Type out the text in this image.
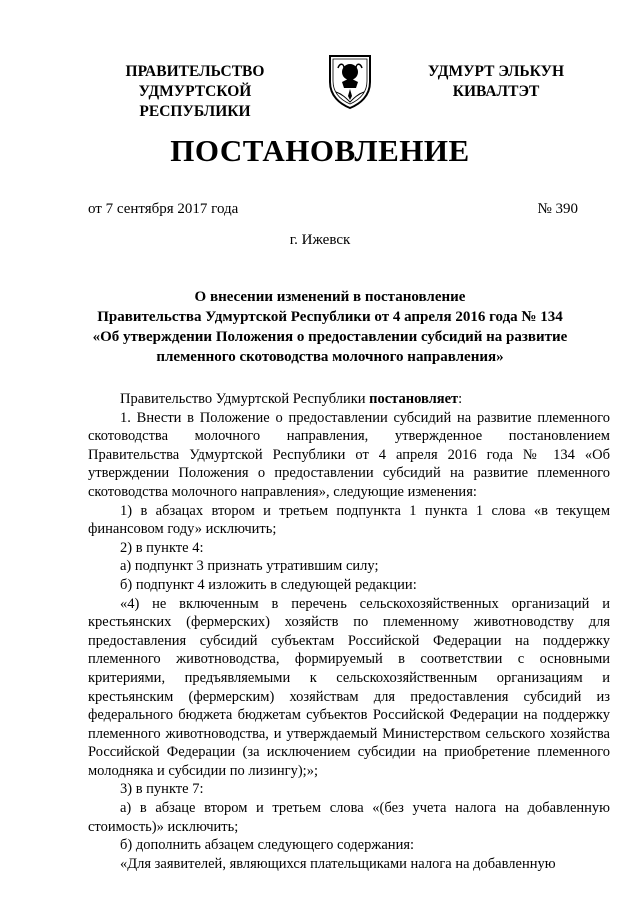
ПРАВИТЕЛЬСТВО
УДМУРТСКОЙ РЕСПУБЛИКИ
УДМУРТ ЭЛЬКУН
КИВАЛТЭТ
ПОСТАНОВЛЕНИЕ
от 7 сентября 2017 года	№ 390
г. Ижевск
О внесении изменений в постановление
Правительства Удмуртской Республики от 4 апреля 2016 года № 134
«Об утверждении Положения о предоставлении субсидий на развитие
племенного скотоводства молочного направления»

Правительство Удмуртской Республики постановляет:

1. Внести в Положение о предоставлении субсидий на развитие племенного скотоводства молочного направления, утвержденное постановлением Правительства Удмуртской Республики от 4 апреля 2016 года № 134 «Об утверждении Положения о предоставлении субсидий на развитие племенного скотоводства молочного направления», следующие изменения:

1) в абзацах втором и третьем подпункта 1 пункта 1 слова «в текущем финансовом году» исключить;

2) в пункте 4:

а) подпункт 3 признать утратившим силу;

б) подпункт 4 изложить в следующей редакции:

«4) не включенным в перечень сельскохозяйственных организаций и крестьянских (фермерских) хозяйств по племенному животноводству для предоставления субсидий субъектам Российской Федерации на поддержку племенного животноводства, формируемый в соответствии с основными критериями, предъявляемыми к сельскохозяйственным организациям и крестьянским (фермерским) хозяйствам для предоставления субсидий из федерального бюджета бюджетам субъектов Российской Федерации на поддержку племенного животноводства, и утверждаемый Министерством сельского хозяйства Российской Федерации (за исключением субсидии на приобретение племенного молодняка и субсидии по лизингу);»;

3) в пункте 7:

а) в абзаце втором и третьем слова «(без учета налога на добавленную стоимость)» исключить;

б) дополнить абзацем следующего содержания:

«Для заявителей, являющихся плательщиками налога на добавленную
